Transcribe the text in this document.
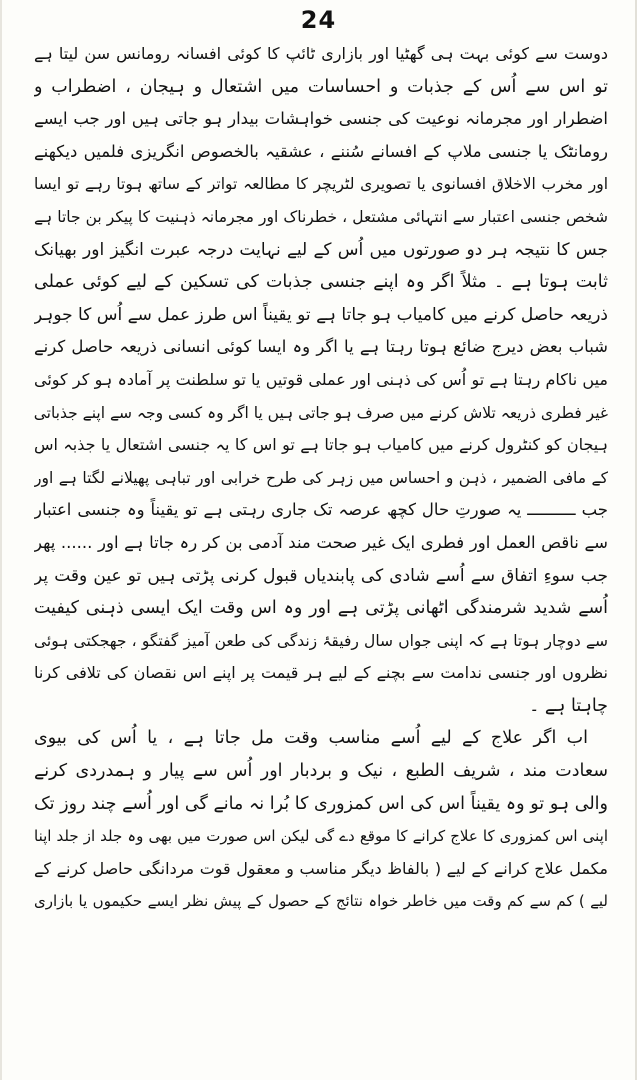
24
دوست سے کوئی بہت ہی گھٹیا اور بازاری ٹائپ کا کوئی افسانہ رومانس سن لیتا ہے
تو اس سے اُس کے جذبات و احساسات میں اشتعال و ہیجان ، اضطراب و
اضطرار اور مجرمانہ نوعیت کی جنسی خواہشات بیدار ہو جاتی ہیں اور جب ایسے
رومانٹک یا جنسی ملاپ کے افسانے سُننے ، عشقیہ بالخصوص انگریزی فلمیں دیکھنے
اور مخرب الاخلاق افسانوی یا تصویری لٹریچر کا مطالعہ تواتر کے ساتھ ہوتا رہے تو ایسا
شخص جنسی اعتبار سے انتہائی مشتعل ، خطرناک اور مجرمانہ ذہنیت کا پیکر بن جاتا ہے
جس کا نتیجہ ہر دو صورتوں میں اُس کے لیے نہایت درجہ عبرت انگیز اور بھیانک
ثابت ہوتا ہے ۔ مثلاً اگر وہ اپنے جنسی جذبات کی تسکین کے لیے کوئی عملی
ذریعہ حاصل کرنے میں کامیاب ہو جاتا ہے تو یقیناً اس طرز عمل سے اُس کا جوہر
شباب بعض دیرج ضائع ہوتا رہتا ہے یا اگر وہ ایسا کوئی انسانی ذریعہ حاصل کرنے
میں ناکام رہتا ہے تو اُس کی ذہنی اور عملی قوتیں یا تو سلطنت پر آمادہ ہو کر کوئی
غیر فطری ذریعہ تلاش کرنے میں صرف ہو جاتی ہیں یا اگر وہ کسی وجہ سے اپنے جذباتی
ہیجان کو کنٹرول کرنے میں کامیاب ہو جاتا ہے تو اس کا یہ جنسی اشتعال یا جذبہ اس
کے مافی الضمیر ، ذہن و احساس میں زہر کی طرح خرابی اور تباہی پھیلانے لگتا ہے اور
جب ــــــــــ یہ صورتِ حال کچھ عرصہ تک جاری رہتی ہے تو یقیناً وہ جنسی اعتبار
سے ناقص العمل اور فطری ایک غیر صحت مند آدمی بن کر رہ جاتا ہے اور ...... پھر
جب سوءِ اتفاق سے اُسے شادی کی پابندیاں قبول کرنی پڑتی ہیں تو عین وقت پر
اُسے شدید شرمندگی اٹھانی پڑتی ہے اور وہ اس وقت ایک ایسی ذہنی کیفیت
سے دوچار ہوتا ہے کہ اپنی جواں سال رفیقۂ زندگی کی طعن آمیز گفتگو ، جھجکتی ہوئی
نظروں اور جنسی ندامت سے بچنے کے لیے ہر قیمت پر اپنے اس نقصان کی تلافی کرنا
چاہتا ہے ۔
اب اگر علاج کے لیے اُسے مناسب وقت مل جاتا ہے ، یا اُس کی بیوی
سعادت مند ، شریف الطبع ، نیک و بردبار اور اُس سے پیار و ہمدردی کرنے
والی ہو تو وہ یقیناً اس کی اس کمزوری کا بُرا نہ مانے گی اور اُسے چند روز تک
اپنی اس کمزوری کا علاج کرانے کا موقع دے گی لیکن اس صورت میں بھی وہ جلد از جلد اپنا
مکمل علاج کرانے کے لیے ( بالفاظ دیگر مناسب و معقول قوت مردانگی حاصل کرنے کے
لیے ) کم سے کم وقت میں خاطر خواہ نتائج کے حصول کے پیش نظر ایسے حکیموں یا بازاری
